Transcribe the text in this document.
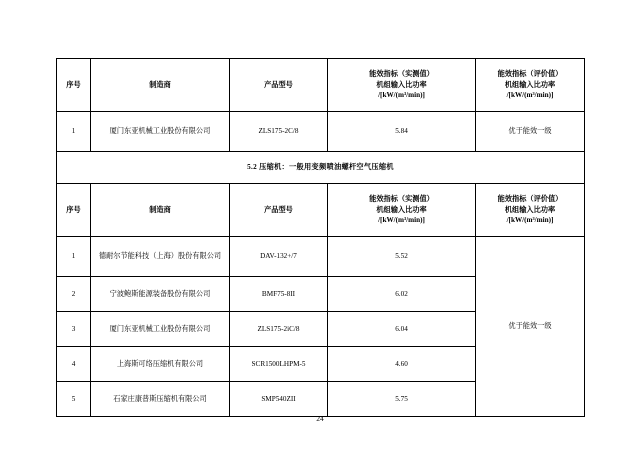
序号	制造商	产品型号	能效指标（实测值）
机组输入比功率
/[kW/(m³/min)]	能效指标（评价值）
机组输入比功率
/[kW/(m³/min)]

1	厦门东亚机械工业股份有限公司	ZLS175-2C/8	5.84	优于能效一级
5.2 压缩机：一般用变频喷油螺杆空气压缩机				
序号	制造商	产品型号	能效指标（实测值）
机组输入比功率
/[kW/(m³/min)]	能效指标（评价值）
机组输入比功率
/[kW/(m³/min)]

1	德耐尔节能科技（上海）股份有限公司	DAV-132+/7	5.52	优于能效一级
2	宁波鲍斯能源装备股份有限公司	BMF75-8II	6.02	
3	厦门东亚机械工业股份有限公司	ZLS175-2iC/8	6.04	
4	上海斯可络压缩机有限公司	SCR1500LHPM-5	4.60	
5	石家庄康普斯压缩机有限公司	SMP540ZII	5.75	
24
